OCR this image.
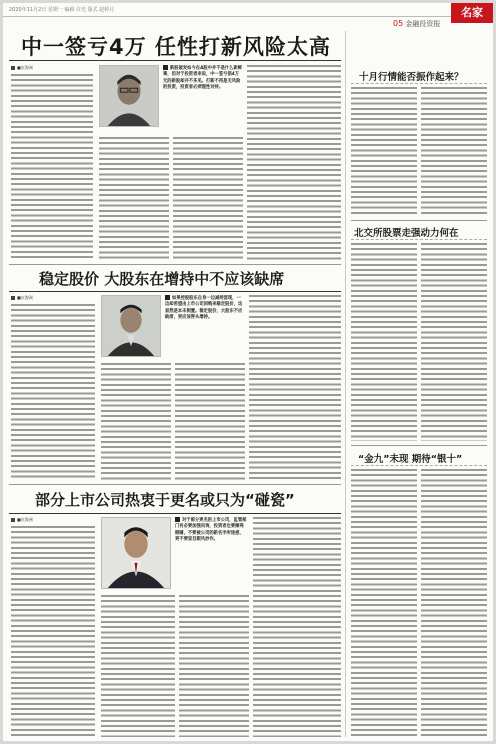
2020年11月2日 星期一 编辑 许光 版式 赵婷月	名家
05 金融投资报
中一签亏4万 任性打新风险太高
■皮海洲	新股破发如今在A股中并不是什么新鲜事，但对于投资者来说，中一签亏损4万元的新股却并不多见。打新不再是无风险的投资，投资者必须理性对待。
稳定股价 大股东在增持中不应该缺席
■皮海洲	如果控股股东自身一边减持套现，一边却希望由上市公司回购来稳定股价，这显然是本末倒置。稳定股价，大股东不应缺席，更应该带头增持。
部分上市公司热衷于更名或只为“碰瓷”
■皮海洲	对于部分更名的上市公司，监管部门有必要加强问询，投资者也要擦亮眼睛，不要被公司的新名字所迷惑，更不要盲目跟风炒作。
十月行情能否振作起来？
北交所股票走强动力何在
“金九”未现 期待“银十”
